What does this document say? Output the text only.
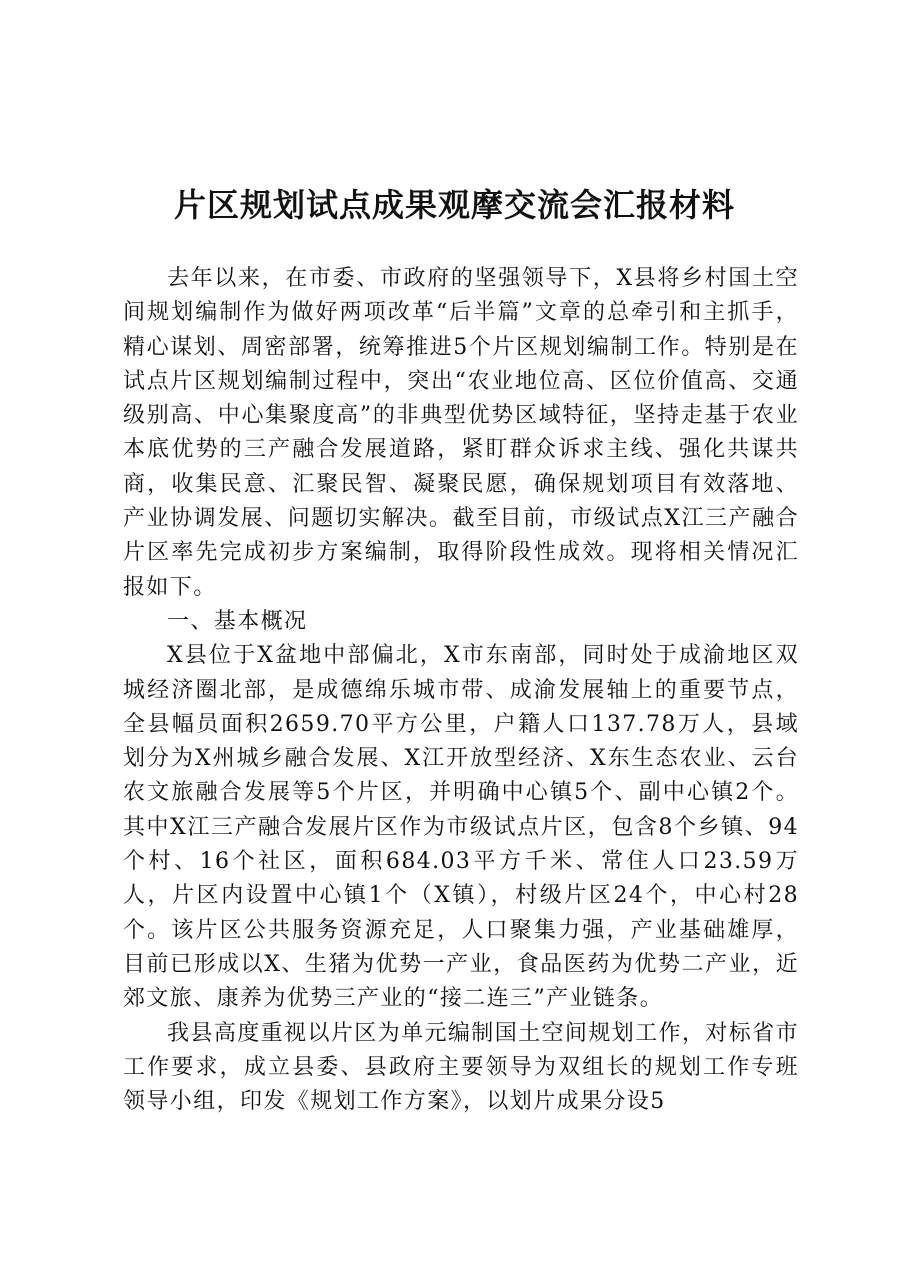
片区规划试点成果观摩交流会汇报材料

去年以来，在市委、市政府的坚强领导下，X县将乡村国土空间规划编制作为做好两项改革“后半篇”文章的总牵引和主抓手，精心谋划、周密部署，统筹推进5个片区规划编制工作。特别是在试点片区规划编制过程中，突出“农业地位高、区位价值高、交通级别高、中心集聚度高”的非典型优势区域特征，坚持走基于农业本底优势的三产融合发展道路，紧盯群众诉求主线、强化共谋共商，收集民意、汇聚民智、凝聚民愿，确保规划项目有效落地、产业协调发展、问题切实解决。截至目前，市级试点X江三产融合片区率先完成初步方案编制，取得阶段性成效。现将相关情况汇报如下。

一、基本概况

X县位于X盆地中部偏北，X市东南部，同时处于成渝地区双城经济圈北部，是成德绵乐城市带、成渝发展轴上的重要节点，全县幅员面积2659.70平方公里，户籍人口137.78万人，县域划分为X州城乡融合发展、X江开放型经济、X东生态农业、云台农文旅融合发展等5个片区，并明确中心镇5个、副中心镇2个。其中X江三产融合发展片区作为市级试点片区，包含8个乡镇、94个村、16个社区，面积684.03平方千米、常住人口23.59万人，片区内设置中心镇1个（X镇），村级片区24个，中心村28个。该片区公共服务资源充足，人口聚集力强，产业基础雄厚，目前已形成以X、生猪为优势一产业，食品医药为优势二产业，近郊文旅、康养为优势三产业的“接二连三”产业链条。

我县高度重视以片区为单元编制国土空间规划工作，对标省市工作要求，成立县委、县政府主要领导为双组长的规划工作专班领导小组，印发《规划工作方案》，以划片成果分设5
